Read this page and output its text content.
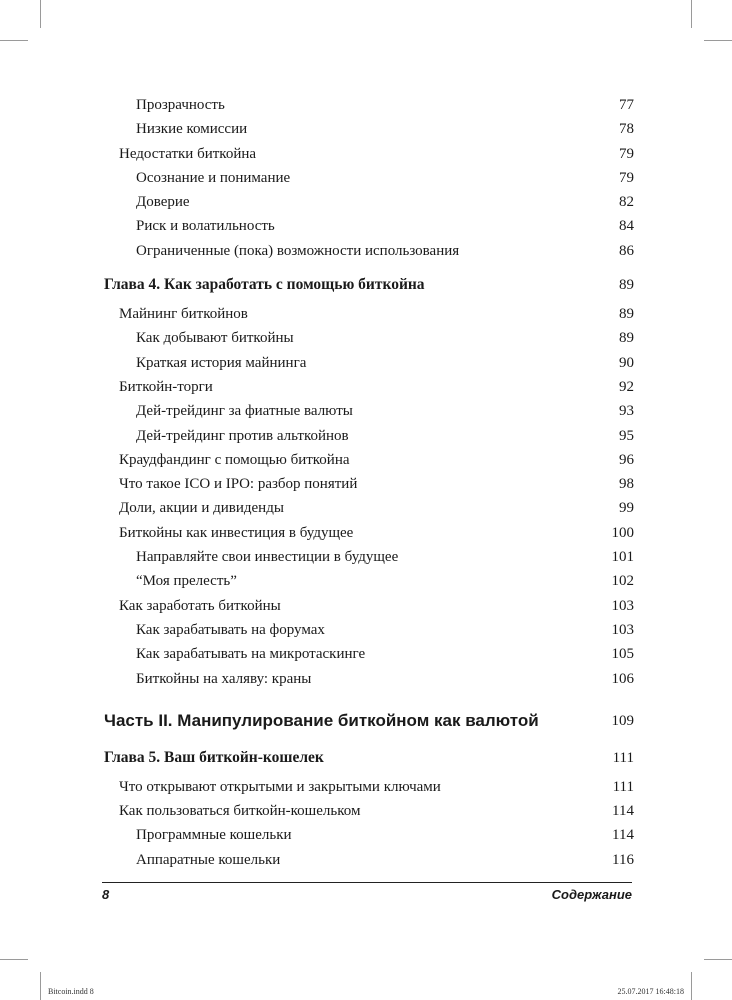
Прозрачность	77
Низкие комиссии	78
Недостатки биткойна	79
Осознание и понимание	79
Доверие	82
Риск и волатильность	84
Ограниченные (пока) возможности использования	86
Глава 4. Как заработать с помощью биткойна	89
Майнинг биткойнов	89
Как добывают биткойны	89
Краткая история майнинга	90
Биткойн-торги	92
Дей-трейдинг за фиатные валюты	93
Дей-трейдинг против альткойнов	95
Краудфандинг с помощью биткойна	96
Что такое ICO и IPO: разбор понятий	98
Доли, акции и дивиденды	99
Биткойны как инвестиция в будущее	100
Направляйте свои инвестиции в будущее	101
“Моя прелесть”	102
Как заработать биткойны	103
Как зарабатывать на форумах	103
Как зарабатывать на микротаскинге	105
Биткойны на халяву: краны	106
Часть II. Манипулирование биткойном как валютой	109
Глава 5. Ваш биткойн-кошелек	111
Что открывают открытыми и закрытыми ключами	111
Как пользоваться биткойн-кошельком	114
Программные кошельки	114
Аппаратные кошельки	116
8	Содержание
Bitcoin.indd 8	25.07.2017 16:48:18
